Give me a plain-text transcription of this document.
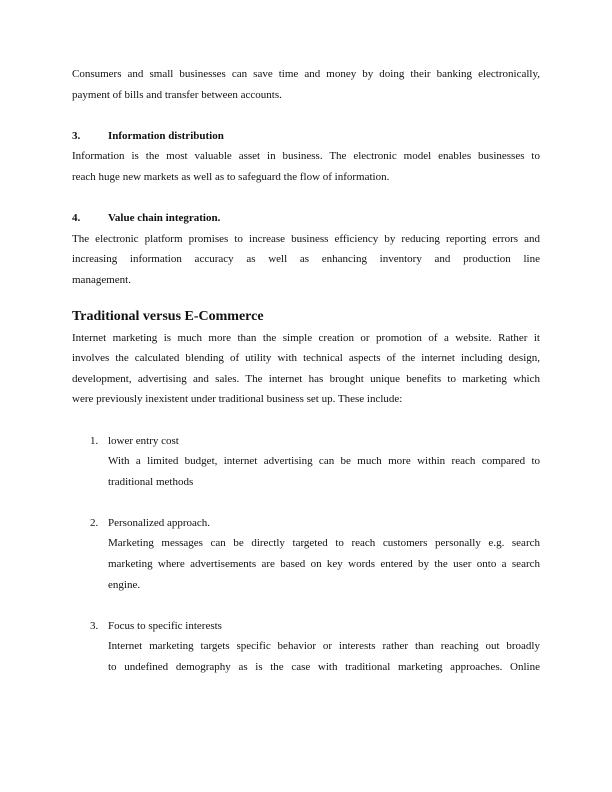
Consumers and small businesses can save time and money by doing their banking electronically,
payment of bills and transfer between accounts.
3.	Information distribution
Information is the most valuable asset in business. The electronic model enables businesses to
reach huge new markets as well as to safeguard the flow of information.
4.	Value chain integration.
The electronic platform promises to increase business efficiency by reducing reporting errors and
increasing information accuracy as well as enhancing inventory and production line
management.
Traditional versus E-Commerce
Internet marketing is much more than the simple creation or promotion of a website. Rather it
involves the calculated blending of utility with technical aspects of the internet including design,
development, advertising and sales. The internet has brought unique benefits to marketing which
were previously inexistent under traditional business set up. These include:
1. lower entry cost
With a limited budget, internet advertising can be much more within reach compared to
traditional methods
2. Personalized approach.
Marketing messages can be directly targeted to reach customers personally e.g. search
marketing where advertisements are based on key words entered by the user onto a search
engine.
3. Focus to specific interests
Internet marketing targets specific behavior or interests rather than reaching out broadly
to undefined demography as is the case with traditional marketing approaches. Online
